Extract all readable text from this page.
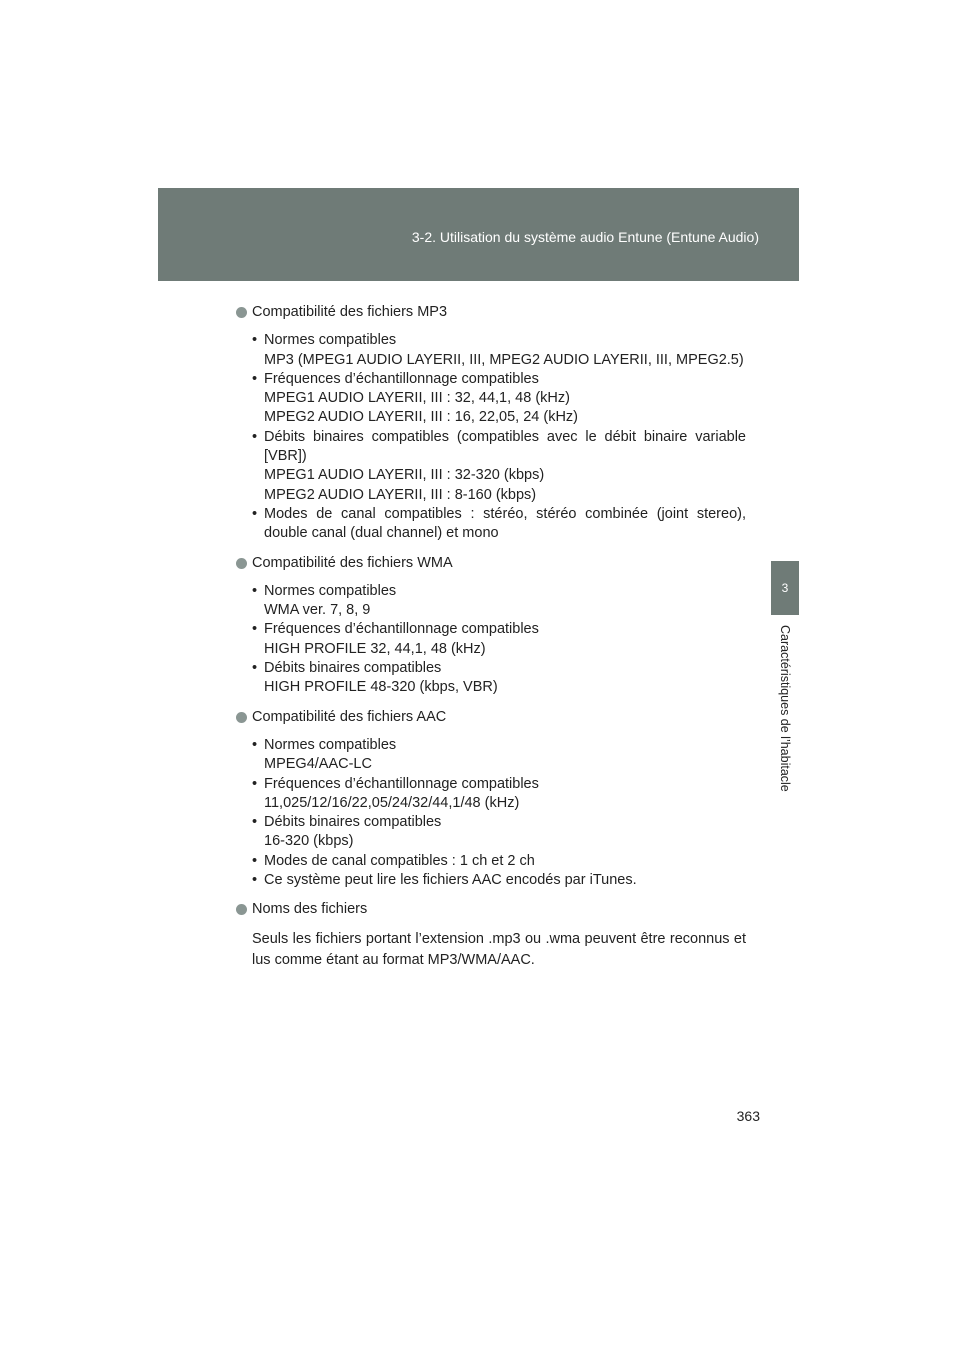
3-2. Utilisation du système audio Entune (Entune Audio)
3
Caractéristiques de l’habitacle
Compatibilité des fichiers MP3
• Normes compatibles
MP3 (MPEG1 AUDIO LAYERII, III, MPEG2 AUDIO LAYERII, III, MPEG2.5)
• Fréquences d’échantillonnage compatibles
MPEG1 AUDIO LAYERII, III : 32, 44,1, 48 (kHz)
MPEG2 AUDIO LAYERII, III : 16, 22,05, 24 (kHz)
• Débits binaires compatibles (compatibles avec le débit binaire variable [VBR])
MPEG1 AUDIO LAYERII, III : 32-320 (kbps)
MPEG2 AUDIO LAYERII, III : 8-160 (kbps)
• Modes de canal compatibles : stéréo, stéréo combinée (joint stereo), double canal (dual channel) et mono
Compatibilité des fichiers WMA
• Normes compatibles
WMA ver. 7, 8, 9
• Fréquences d’échantillonnage compatibles
HIGH PROFILE 32, 44,1, 48 (kHz)
• Débits binaires compatibles
HIGH PROFILE 48-320 (kbps, VBR)
Compatibilité des fichiers AAC
• Normes compatibles
MPEG4/AAC-LC
• Fréquences d’échantillonnage compatibles
11,025/12/16/22,05/24/32/44,1/48 (kHz)
• Débits binaires compatibles
16-320 (kbps)
• Modes de canal compatibles : 1 ch et 2 ch
• Ce système peut lire les fichiers AAC encodés par iTunes.
Noms des fichiers
Seuls les fichiers portant l’extension .mp3 ou .wma peuvent être reconnus et lus comme étant au format MP3/WMA/AAC.
363
